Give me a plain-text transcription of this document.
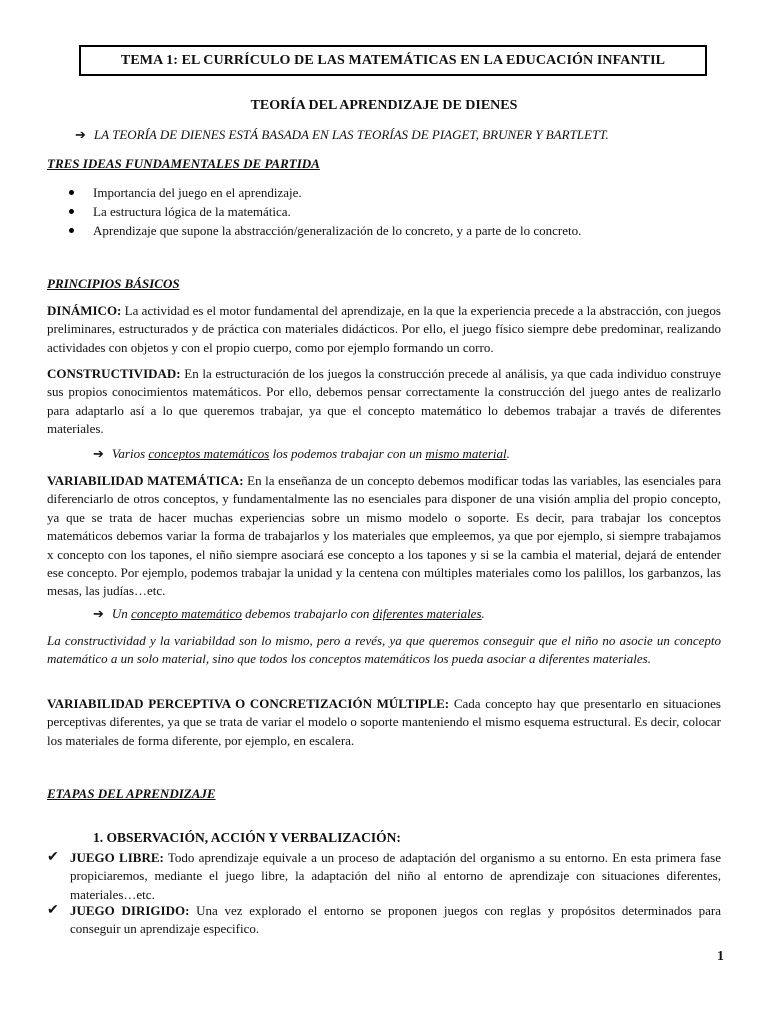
TEMA 1: EL CURRÍCULO DE LAS MATEMÁTICAS EN LA EDUCACIÓN INFANTIL
TEORÍA DEL APRENDIZAJE DE DIENES
➔ LA TEORÍA DE DIENES ESTÁ BASADA EN LAS TEORÍAS DE PIAGET, BRUNER Y BARTLETT.
TRES IDEAS FUNDAMENTALES DE PARTIDA
Importancia del juego en el aprendizaje.
La estructura lógica de la matemática.
Aprendizaje que supone la abstracción/generalización de lo concreto, y a parte de lo concreto.
PRINCIPIOS BÁSICOS

DINÁMICO: La actividad es el motor fundamental del aprendizaje, en la que la experiencia precede a la abstracción, con juegos preliminares, estructurados y de práctica con materiales didácticos. Por ello, el juego físico siempre debe predominar, realizando actividades con objetos y con el propio cuerpo, como por ejemplo formando un corro.

CONSTRUCTIVIDAD: En la estructuración de los juegos la construcción precede al análisis, ya que cada individuo construye sus propios conocimientos matemáticos. Por ello, debemos pensar correctamente la construcción del juego antes de realizarlo para adaptarlo así a lo que queremos trabajar, ya que el concepto matemático lo debemos trabajar a través de diferentes materiales.

➔ Varios conceptos matemáticos los podemos trabajar con un mismo material.

VARIABILIDAD MATEMÁTICA: En la enseñanza de un concepto debemos modificar todas las variables, las esenciales para diferenciarlo de otros conceptos, y fundamentalmente las no esenciales para disponer de una visión amplia del propio concepto, ya que se trata de hacer muchas experiencias sobre un mismo modelo o soporte. Es decir, para trabajar los conceptos matemáticos debemos variar la forma de trabajarlos y los materiales que empleemos, ya que por ejemplo, si siempre trabajamos x concepto con los tapones, el niño siempre asociará ese concepto a los tapones y si se la cambia el material, dejará de entender ese concepto. Por ejemplo, podemos trabajar la unidad y la centena con múltiples materiales como los palillos, los garbanzos, las mesas, las judías…etc.

➔ Un concepto matemático debemos trabajarlo con diferentes materiales.

La constructividad y la variabildad son lo mismo, pero a revés, ya que queremos conseguir que el niño no asocie un concepto matemático a un solo material, sino que todos los conceptos matemáticos los pueda asociar a diferentes materiales.

VARIABILIDAD PERCEPTIVA O CONCRETIZACIÓN MÚLTIPLE: Cada concepto hay que presentarlo en situaciones perceptivas diferentes, ya que se trata de variar el modelo o soporte manteniendo el mismo esquema estructural. Es decir, colocar los materiales de forma diferente, por ejemplo, en escalera.

ETAPAS DEL APRENDIZAJE
1. OBSERVACIÓN, ACCIÓN Y VERBALIZACIÓN:
✔ JUEGO LIBRE: Todo aprendizaje equivale a un proceso de adaptación del organismo a su entorno. En esta primera fase propiciaremos, mediante el juego libre, la adaptación del niño al entorno de aprendizaje con situaciones diferentes, materiales…etc.
✔ JUEGO DIRIGIDO: Una vez explorado el entorno se proponen juegos con reglas y propósitos determinados para conseguir un aprendizaje especifico.
1
